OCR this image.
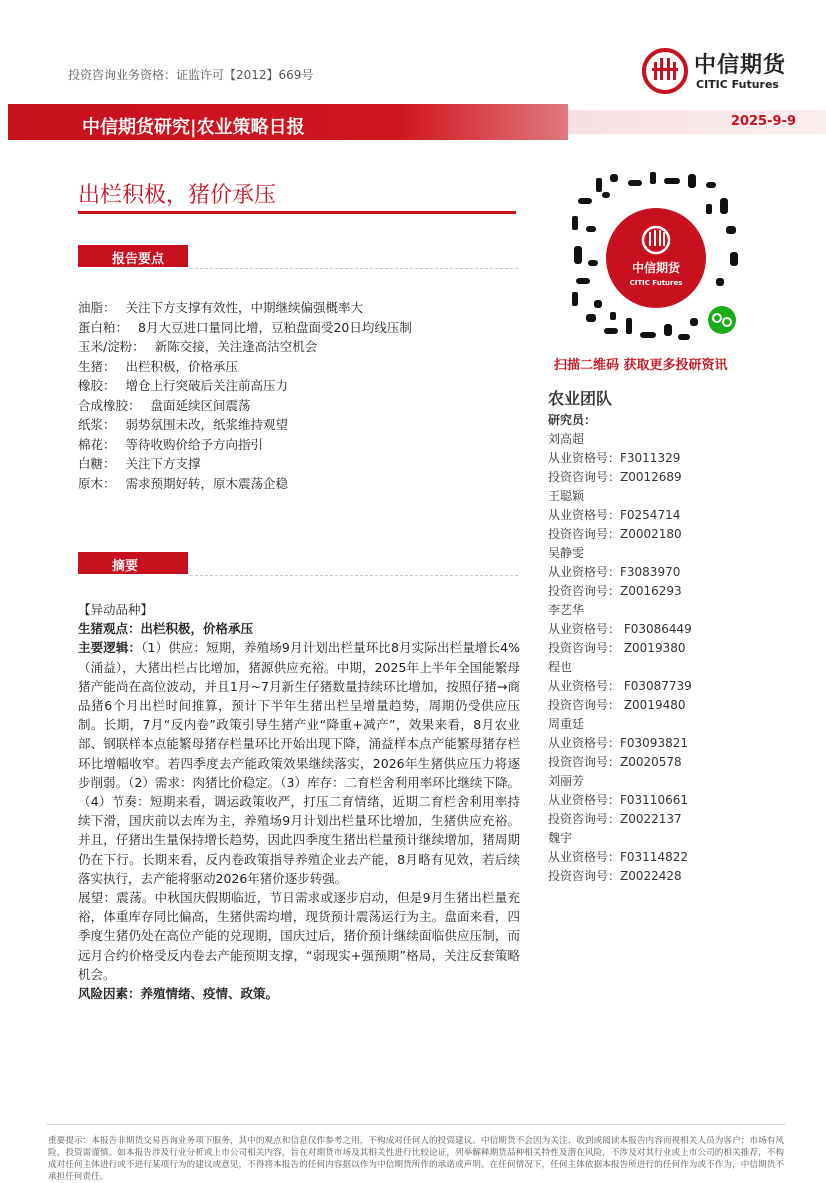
投资咨询业务资格：证监许可【2012】669号	中信期货
CITIC Futures
中信期货研究|农业策略日报	2025-9-9
出栏积极，猪价承压
报告要点
油脂： 关注下方支撑有效性，中期继续偏强概率大
蛋白粕： 8月大豆进口量同比增，豆粕盘面受20日均线压制
玉米/淀粉： 新陈交接，关注逢高沽空机会
生猪： 出栏积极，价格承压
橡胶： 增仓上行突破后关注前高压力
合成橡胶： 盘面延续区间震荡
纸浆： 弱势氛围未改，纸浆维持观望
棉花： 等待收购价给予方向指引
白糖： 关注下方支撑
原木： 需求预期好转，原木震荡企稳
摘要

【异动品种】

生猪观点：出栏积极，价格承压

主要逻辑：（1）供应：短期，养殖场9月计划出栏量环比8月实际出栏量增长4%（涌益），大猪出栏占比增加，猪源供应充裕。中期，2025年上半年全国能繁母猪产能尚在高位波动，并且1月~7月新生仔猪数量持续环比增加，按照仔猪→商品猪6个月出栏时间推算，预计下半年生猪出栏呈增量趋势，周期仍受供应压制。长期，7月“反内卷”政策引导生猪产业“降重+减产”，效果来看，8月农业部、钢联样本点能繁母猪存栏量环比开始出现下降，涌益样本点产能繁母猪存栏环比增幅收窄。若四季度去产能政策效果继续落实，2026年生猪供应压力将逐步削弱。（2）需求：肉猪比价稳定。（3）库存：二育栏舍利用率环比继续下降。（4）节奏：短期来看，调运政策收严，打压二育情绪，近期二育栏舍利用率持续下滑，国庆前以去库为主，养殖场9月计划出栏量环比增加，生猪供应充裕。并且，仔猪出生量保持增长趋势，因此四季度生猪出栏量预计继续增加，猪周期仍在下行。长期来看，反内卷政策指导养殖企业去产能，8月略有见效，若后续落实执行，去产能将驱动2026年猪价逐步转强。

展望：震荡。中秋国庆假期临近，节日需求或逐步启动，但是9月生猪出栏量充裕，体重库存同比偏高，生猪供需均增，现货预计震荡运行为主。盘面来看，四季度生猪仍处在高位产能的兑现期，国庆过后，猪价预计继续面临供应压制，而远月合约价格受反内卷去产能预期支撑，“弱现实+强预期”格局，关注反套策略机会。

风险因素：养殖情绪、疫情、政策。

中信期货
CITIC Futures
扫描二维码 获取更多投研资讯
农业团队
研究员：
刘高超
从业资格号：F3011329
投资咨询号：Z0012689
王聪颖
从业资格号：F0254714
投资咨询号：Z0002180
吴静雯
从业资格号：F3083970
投资咨询号：Z0016293
李艺华
从业资格号： F03086449
投资咨询号： Z0019380
程也
从业资格号： F03087739
投资咨询号： Z0019480
周重廷
从业资格号：F03093821
投资咨询号：Z0020578
刘丽芳
从业资格号：F03110661
投资咨询号：Z0022137
魏宇
从业资格号：F03114822
投资咨询号：Z0022428
重要提示：本报告非期货交易咨询业务项下服务，其中的观点和信息仅作参考之用，不构成对任何人的投资建议。中信期货不会因为关注、收到或阅读本报告内容而视相关人员为客户；市场有风险，投资需谨慎。如本报告涉及行业分析或上市公司相关内容，旨在对期货市场及其相关性进行比较论证，列举解释期货品种相关特性及潜在风险，不涉及对其行业或上市公司的相关推荐，不构成对任何主体进行或不进行某项行为的建议或意见，不得将本报告的任何内容据以作为中信期货所作的承诺或声明。在任何情况下，任何主体依据本报告所进行的任何作为或不作为，中信期货不承担任何责任。
